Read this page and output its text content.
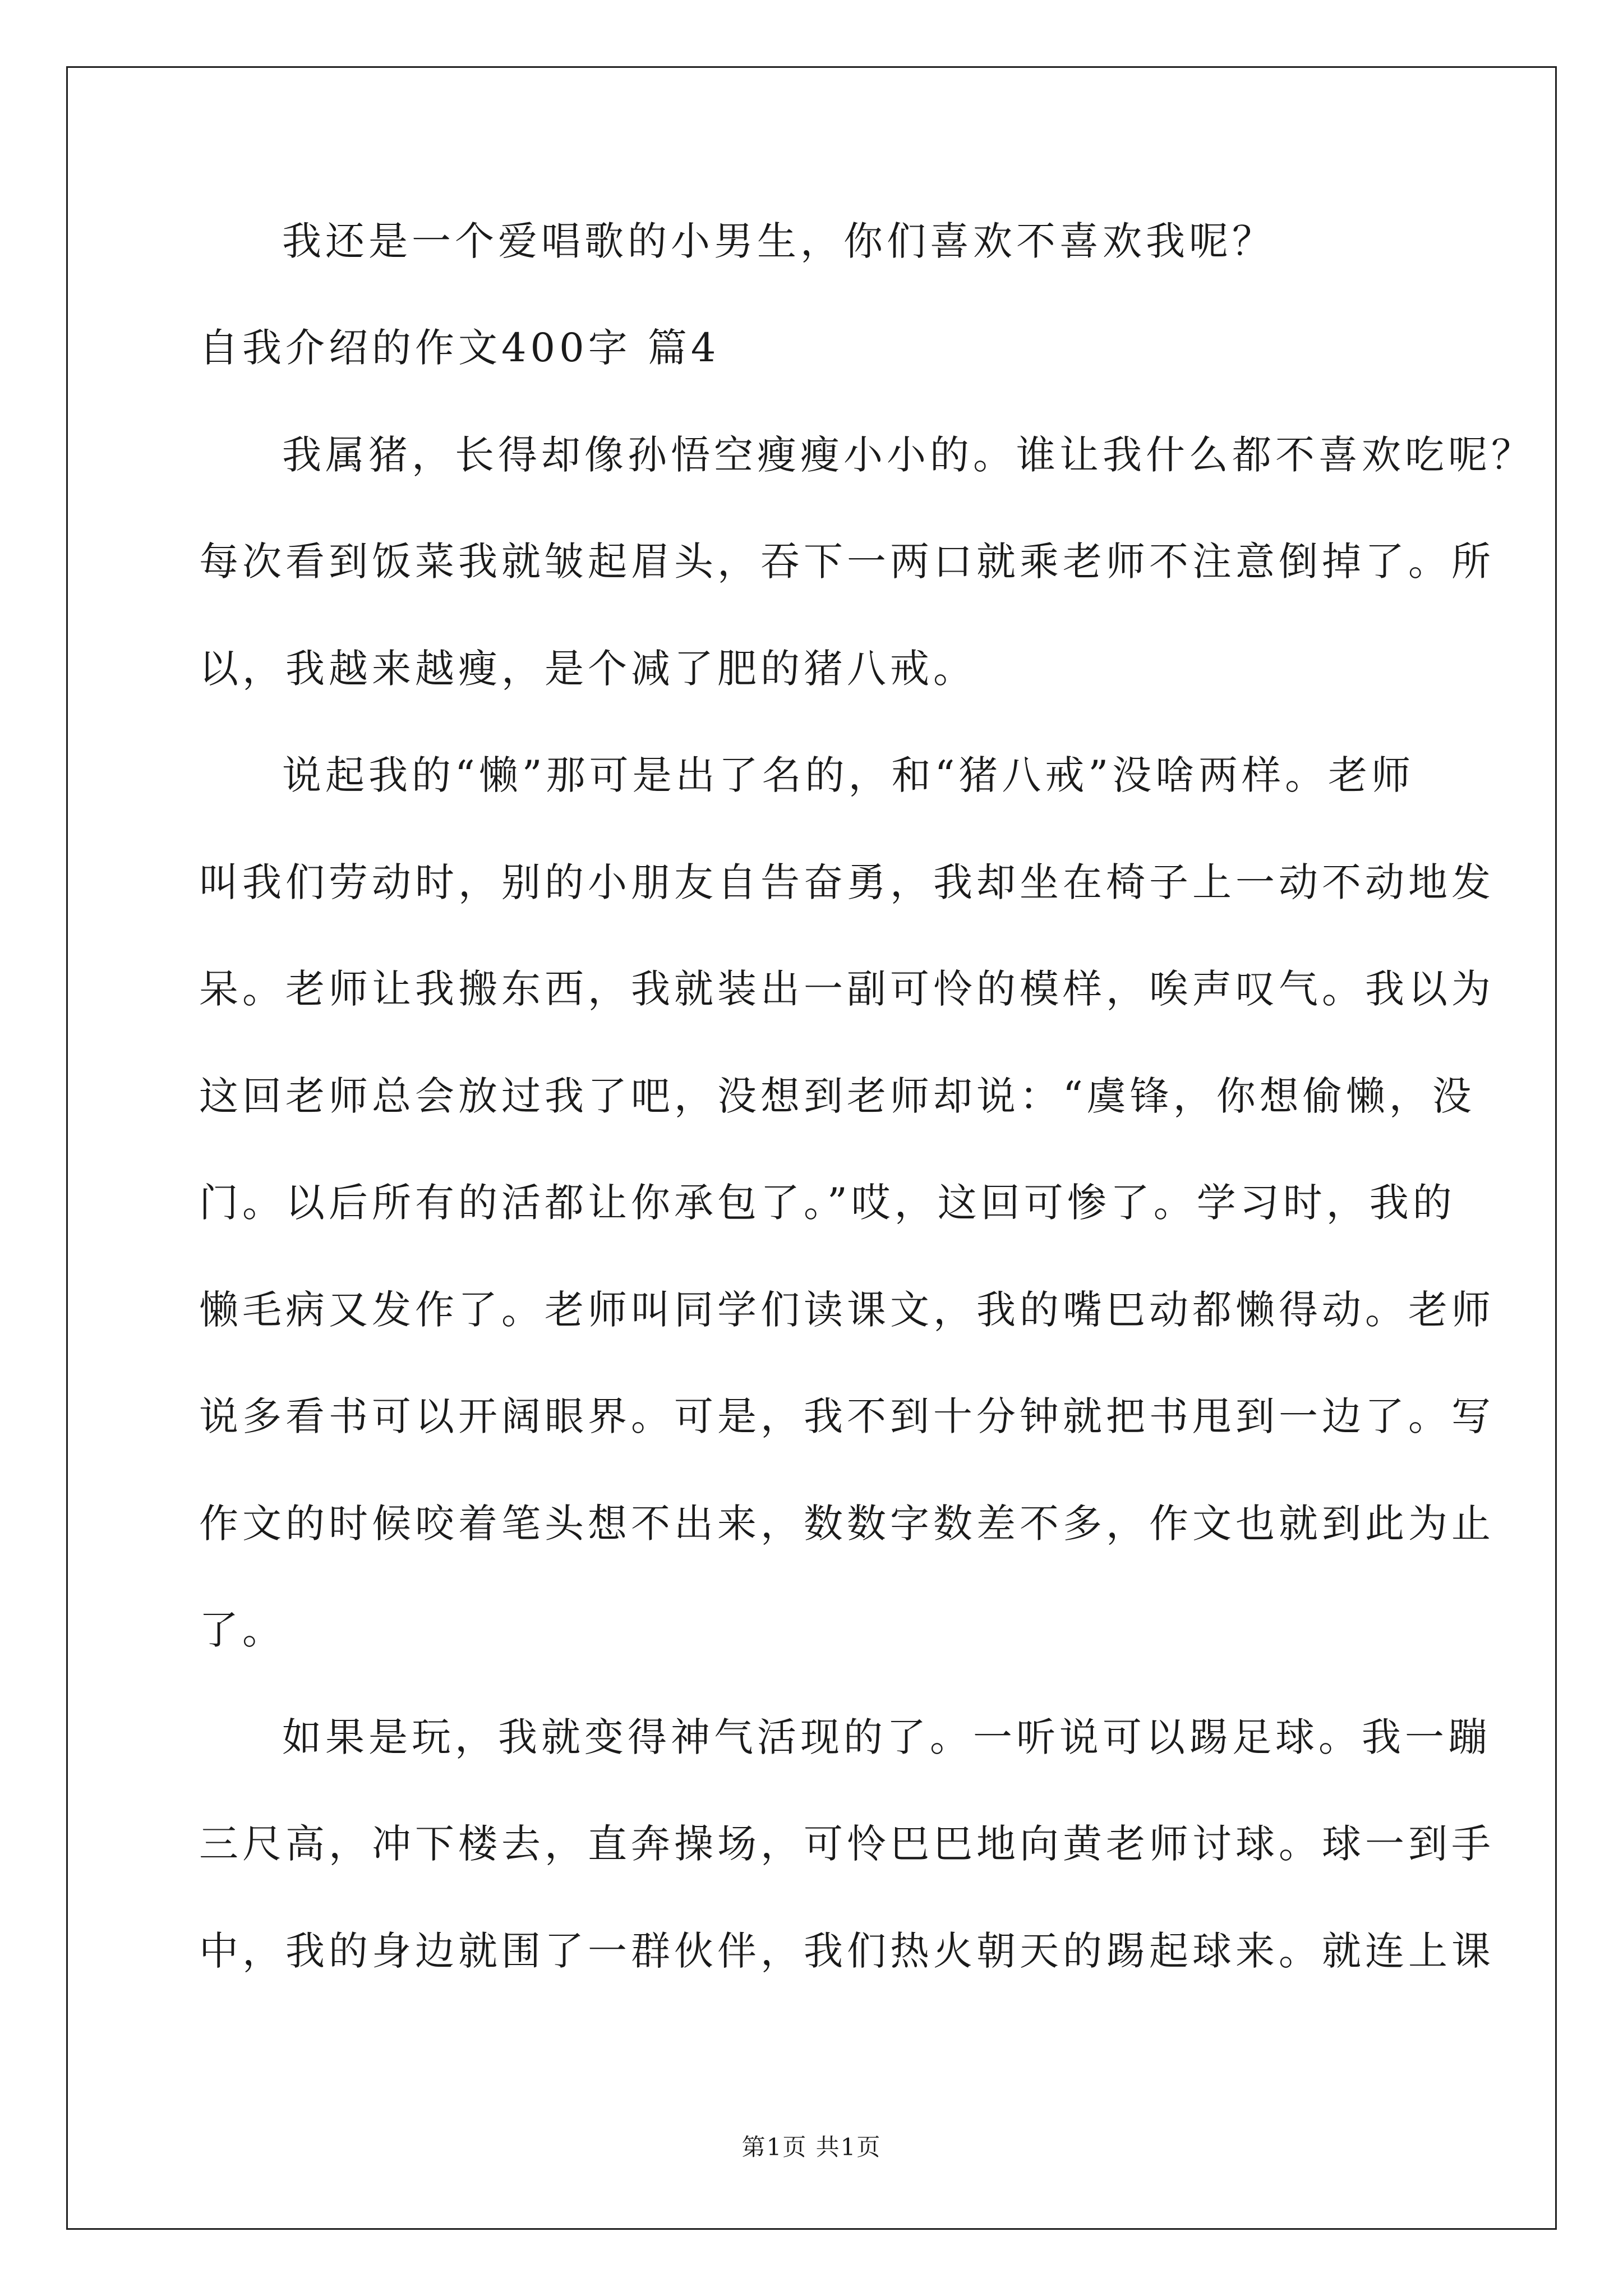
我还是一个爱唱歌的小男生，你们喜欢不喜欢我呢？
自我介绍的作文400字 篇4
我属猪，长得却像孙悟空瘦瘦小小的。谁让我什么都不喜欢吃呢？
每次看到饭菜我就皱起眉头，吞下一两口就乘老师不注意倒掉了。所
以，我越来越瘦，是个减了肥的猪八戒。
说起我的“懒”那可是出了名的，和“猪八戒”没啥两样。老师
叫我们劳动时，别的小朋友自告奋勇，我却坐在椅子上一动不动地发
呆。老师让我搬东西，我就装出一副可怜的模样，唉声叹气。我以为
这回老师总会放过我了吧，没想到老师却说：“虞锋，你想偷懒，没
门。以后所有的活都让你承包了。”哎，这回可惨了。学习时，我的
懒毛病又发作了。老师叫同学们读课文，我的嘴巴动都懒得动。老师
说多看书可以开阔眼界。可是，我不到十分钟就把书甩到一边了。写
作文的时候咬着笔头想不出来，数数字数差不多，作文也就到此为止
了。
如果是玩，我就变得神气活现的了。一听说可以踢足球。我一蹦
三尺高，冲下楼去，直奔操场，可怜巴巴地向黄老师讨球。球一到手
中，我的身边就围了一群伙伴，我们热火朝天的踢起球来。就连上课
第1页 共1页
